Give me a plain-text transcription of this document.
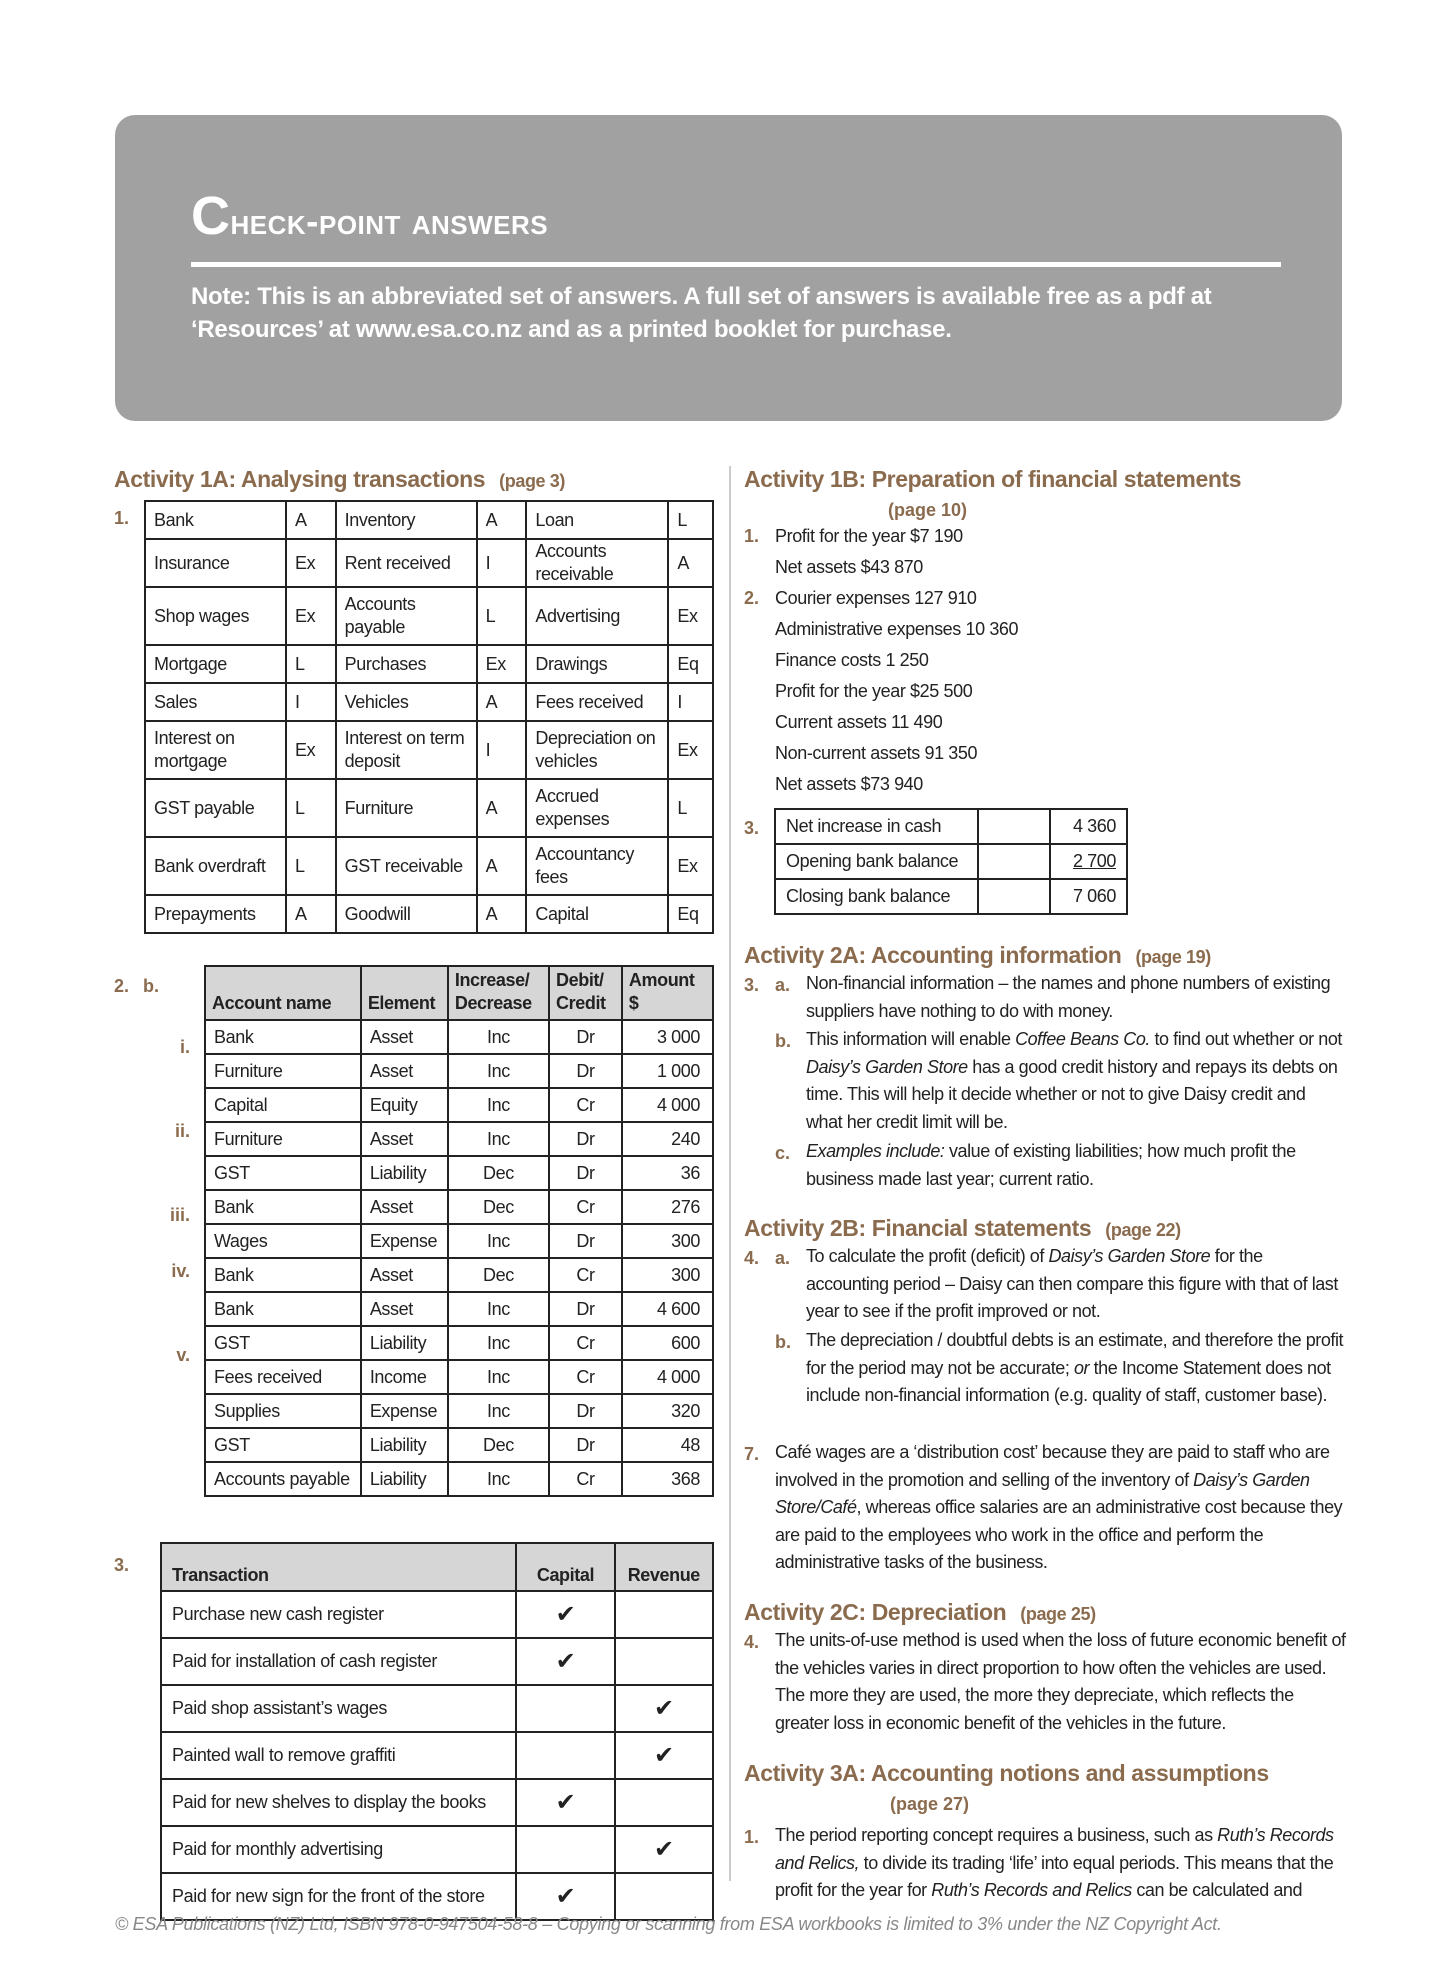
Check-point answers
Note: This is an abbreviated set of answers. A full set of answers is available free as a pdf at ‘Resources’ at www.esa.co.nz and as a printed booklet for purchase.
Activity 1A: Analysing transactions (page 3)
1. Bank	A	Inventory	A	Loan	L
Insurance	Ex	Rent received	I	Accounts receivable	A
Shop wages	Ex	Accounts payable	L	Advertising	Ex
Mortgage	L	Purchases	Ex	Drawings	Eq
Sales	I	Vehicles	A	Fees received	I
Interest on mortgage	Ex	Interest on term deposit	I	Depreciation on vehicles	Ex
GST payable	L	Furniture	A	Accrued expenses	L
Bank overdraft	L	GST receivable	A	Accountancy fees	Ex
Prepayments	A	Goodwill	A	Capital	Eq
2. b.
Account name	Element	Increase/ Decrease	Debit/ Credit	Amount $
Bank	Asset	Inc	Dr	3 000
Furniture	Asset	Inc	Dr	1 000
Capital	Equity	Inc	Cr	4 000
Furniture	Asset	Inc	Dr	240
GST	Liability	Dec	Dr	36
Bank	Asset	Dec	Cr	276
Wages	Expense	Inc	Dr	300
Bank	Asset	Dec	Cr	300
Bank	Asset	Inc	Dr	4 600
GST	Liability	Inc	Cr	600
Fees received	Income	Inc	Cr	4 000
Supplies	Expense	Inc	Dr	320
GST	Liability	Dec	Dr	48
Accounts payable	Liability	Inc	Cr	368
i.
ii.
iii.
iv.
v.
3. Transaction	Capital	Revenue
Purchase new cash register	✔	
Paid for installation of cash register	✔	
Paid shop assistant’s wages		✔
Painted wall to remove graffiti		✔
Paid for new shelves to display the books	✔	
Paid for monthly advertising		✔
Paid for new sign for the front of the store	✔	
Activity 1B: Preparation of financial statements
(page 10)
1. Profit for the year $7 190
Net assets $43 870
2. Courier expenses 127 910
Administrative expenses 10 360
Finance costs 1 250
Profit for the year $25 500
Current assets 11 490
Non-current assets 91 350
Net assets $73 940
3. Net increase in cash		4 360
Opening bank balance		2 700
Closing bank balance		7 060
Activity 2A: Accounting information (page 19)
3. a. Non-financial information – the names and phone numbers of existing suppliers have nothing to do with money.
b. This information will enable Coffee Beans Co. to find out whether or not Daisy’s Garden Store has a good credit history and repays its debts on time. This will help it decide whether or not to give Daisy credit and what her credit limit will be.
c. Examples include: value of existing liabilities; how much profit the business made last year; current ratio.
Activity 2B: Financial statements (page 22)
4. a. To calculate the profit (deficit) of Daisy’s Garden Store for the accounting period – Daisy can then compare this figure with that of last year to see if the profit improved or not.
b. The depreciation / doubtful debts is an estimate, and therefore the profit for the period may not be accurate; or the Income Statement does not include non-financial information (e.g. quality of staff, customer base).
7. Café wages are a ‘distribution cost’ because they are paid to staff who are involved in the promotion and selling of the inventory of Daisy’s Garden Store/Café, whereas office salaries are an administrative cost because they are paid to the employees who work in the office and perform the administrative tasks of the business.
Activity 2C: Depreciation (page 25)
4. The units-of-use method is used when the loss of future economic benefit of the vehicles varies in direct proportion to how often the vehicles are used. The more they are used, the more they depreciate, which reflects the greater loss in economic benefit of the vehicles in the future.
Activity 3A: Accounting notions and assumptions
(page 27)
1. The period reporting concept requires a business, such as Ruth’s Records and Relics, to divide its trading ‘life’ into equal periods. This means that the profit for the year for Ruth’s Records and Relics can be calculated and
© ESA Publications (NZ) Ltd, ISBN 978-0-947504-58-8 – Copying or scanning from ESA workbooks is limited to 3% under the NZ Copyright Act.
